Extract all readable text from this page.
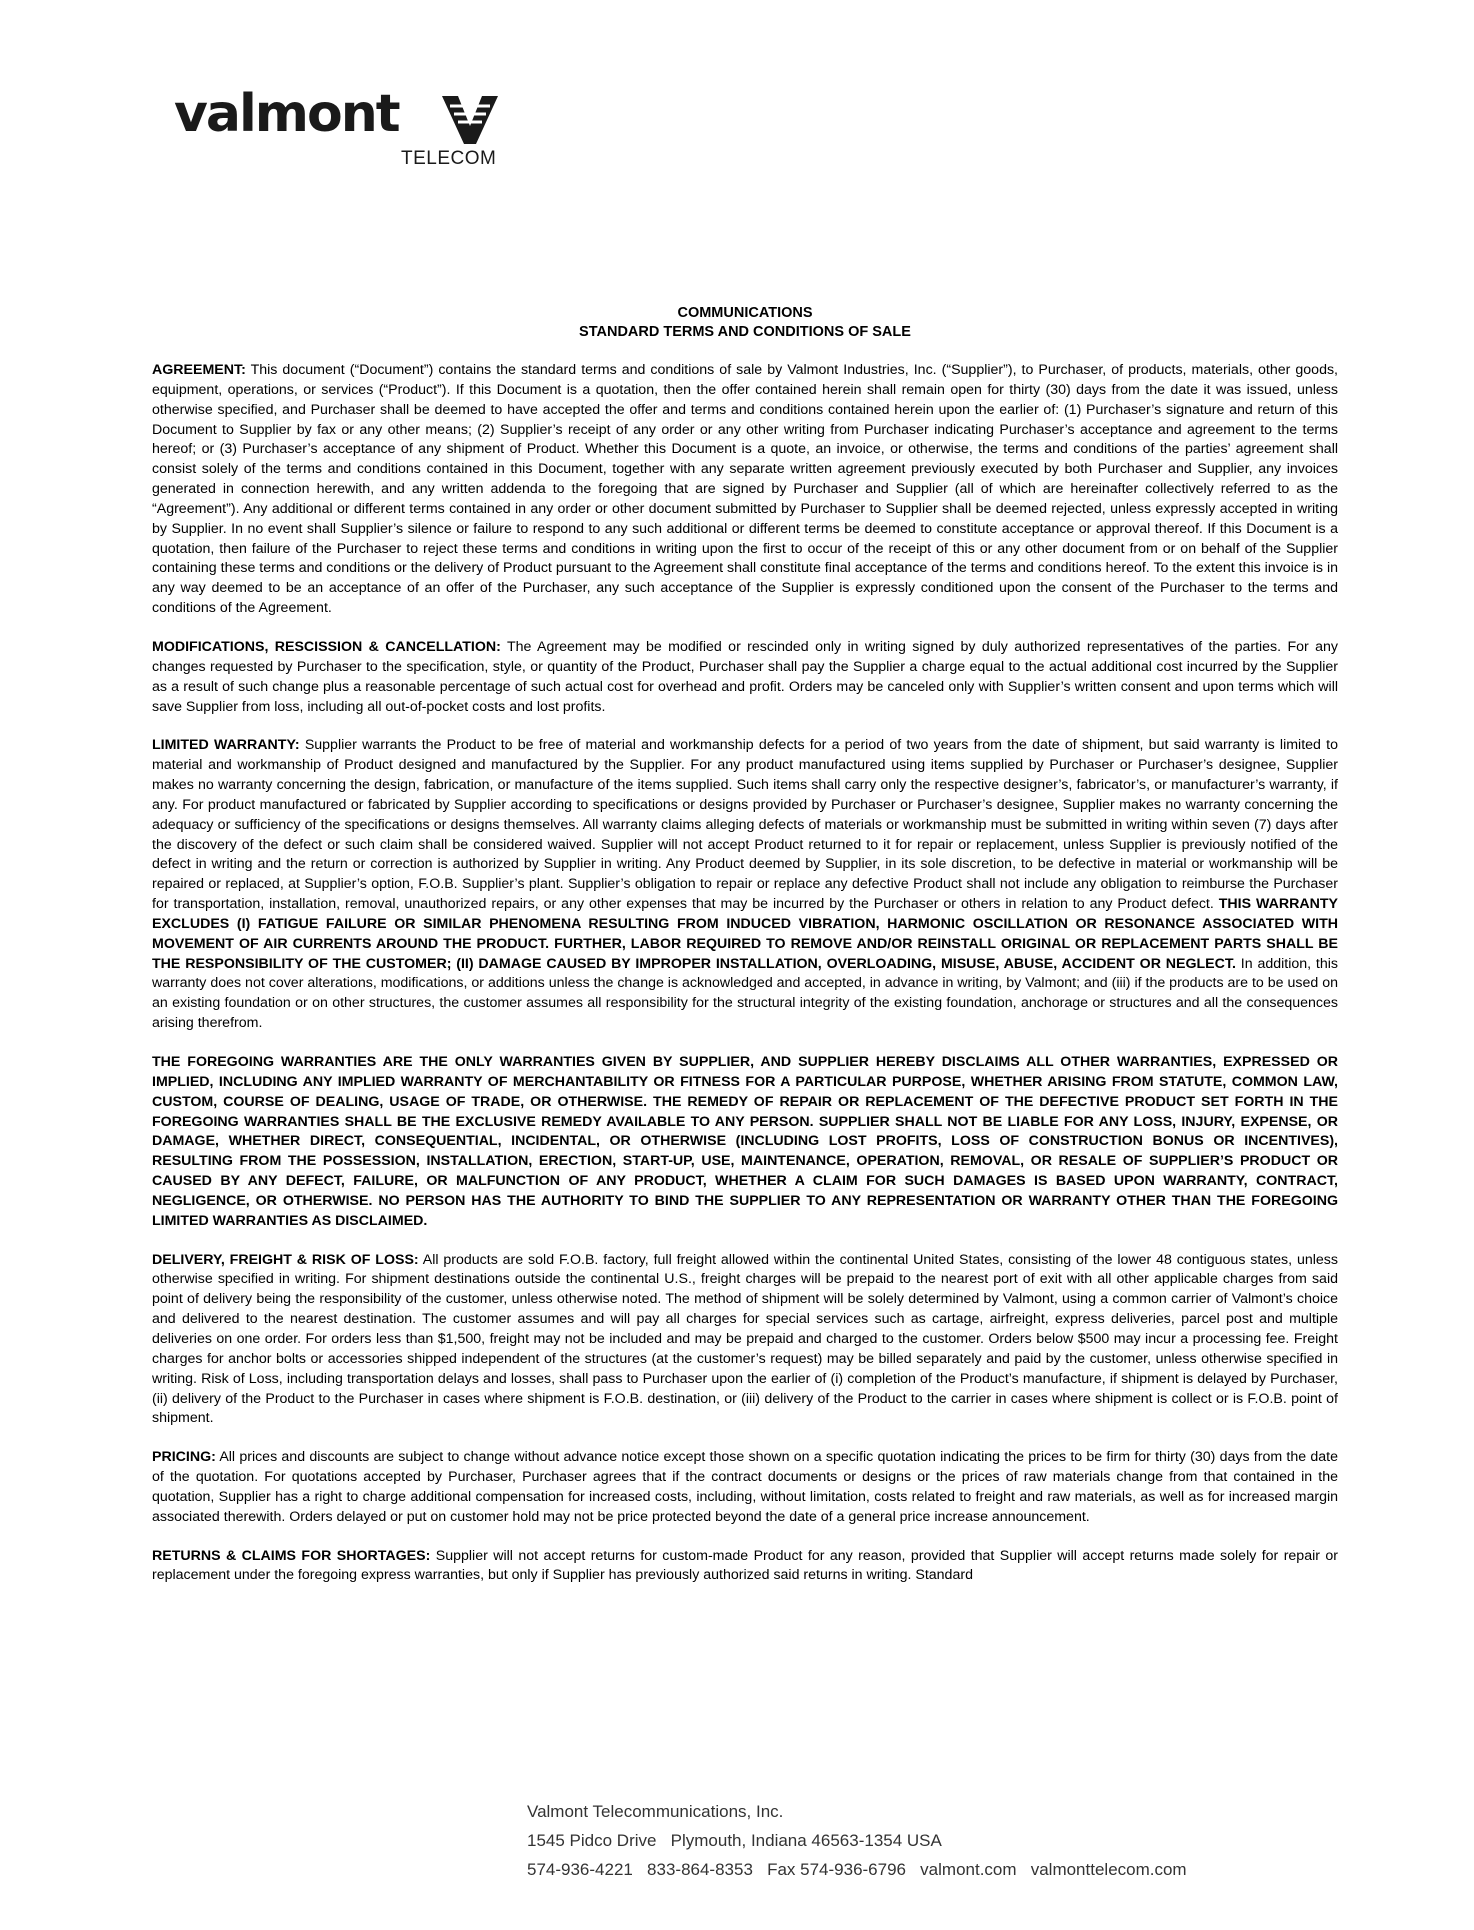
valmont
TELECOM
COMMUNICATIONS
STANDARD TERMS AND CONDITIONS OF SALE

AGREEMENT: This document (“Document”) contains the standard terms and conditions of sale by Valmont Industries, Inc. (“Supplier”), to Purchaser, of products, materials, other goods, equipment, operations, or services (“Product”). If this Document is a quotation, then the offer contained herein shall remain open for thirty (30) days from the date it was issued, unless otherwise specified, and Purchaser shall be deemed to have accepted the offer and terms and conditions contained herein upon the earlier of: (1) Purchaser’s signature and return of this Document to Supplier by fax or any other means; (2) Supplier’s receipt of any order or any other writing from Purchaser indicating Purchaser’s acceptance and agreement to the terms hereof; or (3) Purchaser’s acceptance of any shipment of Product. Whether this Document is a quote, an invoice, or otherwise, the terms and conditions of the parties’ agreement shall consist solely of the terms and conditions contained in this Document, together with any separate written agreement previously executed by both Purchaser and Supplier, any invoices generated in connection herewith, and any written addenda to the foregoing that are signed by Purchaser and Supplier (all of which are hereinafter collectively referred to as the “Agreement”). Any additional or different terms contained in any order or other document submitted by Purchaser to Supplier shall be deemed rejected, unless expressly accepted in writing by Supplier. In no event shall Supplier’s silence or failure to respond to any such additional or different terms be deemed to constitute acceptance or approval thereof. If this Document is a quotation, then failure of the Purchaser to reject these terms and conditions in writing upon the first to occur of the receipt of this or any other document from or on behalf of the Supplier containing these terms and conditions or the delivery of Product pursuant to the Agreement shall constitute final acceptance of the terms and conditions hereof. To the extent this invoice is in any way deemed to be an acceptance of an offer of the Purchaser, any such acceptance of the Supplier is expressly conditioned upon the consent of the Purchaser to the terms and conditions of the Agreement.

MODIFICATIONS, RESCISSION & CANCELLATION: The Agreement may be modified or rescinded only in writing signed by duly authorized representatives of the parties. For any changes requested by Purchaser to the specification, style, or quantity of the Product, Purchaser shall pay the Supplier a charge equal to the actual additional cost incurred by the Supplier as a result of such change plus a reasonable percentage of such actual cost for overhead and profit. Orders may be canceled only with Supplier’s written consent and upon terms which will save Supplier from loss, including all out-of-pocket costs and lost profits.

LIMITED WARRANTY: Supplier warrants the Product to be free of material and workmanship defects for a period of two years from the date of shipment, but said warranty is limited to material and workmanship of Product designed and manufactured by the Supplier. For any product manufactured using items supplied by Purchaser or Purchaser’s designee, Supplier makes no warranty concerning the design, fabrication, or manufacture of the items supplied. Such items shall carry only the respective designer’s, fabricator’s, or manufacturer’s warranty, if any. For product manufactured or fabricated by Supplier according to specifications or designs provided by Purchaser or Purchaser’s designee, Supplier makes no warranty concerning the adequacy or sufficiency of the specifications or designs themselves. All warranty claims alleging defects of materials or workmanship must be submitted in writing within seven (7) days after the discovery of the defect or such claim shall be considered waived. Supplier will not accept Product returned to it for repair or replacement, unless Supplier is previously notified of the defect in writing and the return or correction is authorized by Supplier in writing. Any Product deemed by Supplier, in its sole discretion, to be defective in material or workmanship will be repaired or replaced, at Supplier’s option, F.O.B. Supplier’s plant. Supplier’s obligation to repair or replace any defective Product shall not include any obligation to reimburse the Purchaser for transportation, installation, removal, unauthorized repairs, or any other expenses that may be incurred by the Purchaser or others in relation to any Product defect. THIS WARRANTY EXCLUDES (I) FATIGUE FAILURE OR SIMILAR PHENOMENA RESULTING FROM INDUCED VIBRATION, HARMONIC OSCILLATION OR RESONANCE ASSOCIATED WITH MOVEMENT OF AIR CURRENTS AROUND THE PRODUCT. FURTHER, LABOR REQUIRED TO REMOVE AND/OR REINSTALL ORIGINAL OR REPLACEMENT PARTS SHALL BE THE RESPONSIBILITY OF THE CUSTOMER; (II) DAMAGE CAUSED BY IMPROPER INSTALLATION, OVERLOADING, MISUSE, ABUSE, ACCIDENT OR NEGLECT. In addition, this warranty does not cover alterations, modifications, or additions unless the change is acknowledged and accepted, in advance in writing, by Valmont; and (iii) if the products are to be used on an existing foundation or on other structures, the customer assumes all responsibility for the structural integrity of the existing foundation, anchorage or structures and all the consequences arising therefrom.

THE FOREGOING WARRANTIES ARE THE ONLY WARRANTIES GIVEN BY SUPPLIER, AND SUPPLIER HEREBY DISCLAIMS ALL OTHER WARRANTIES, EXPRESSED OR IMPLIED, INCLUDING ANY IMPLIED WARRANTY OF MERCHANTABILITY OR FITNESS FOR A PARTICULAR PURPOSE, WHETHER ARISING FROM STATUTE, COMMON LAW, CUSTOM, COURSE OF DEALING, USAGE OF TRADE, OR OTHERWISE. THE REMEDY OF REPAIR OR REPLACEMENT OF THE DEFECTIVE PRODUCT SET FORTH IN THE FOREGOING WARRANTIES SHALL BE THE EXCLUSIVE REMEDY AVAILABLE TO ANY PERSON. SUPPLIER SHALL NOT BE LIABLE FOR ANY LOSS, INJURY, EXPENSE, OR DAMAGE, WHETHER DIRECT, CONSEQUENTIAL, INCIDENTAL, OR OTHERWISE (INCLUDING LOST PROFITS, LOSS OF CONSTRUCTION BONUS OR INCENTIVES), RESULTING FROM THE POSSESSION, INSTALLATION, ERECTION, START-UP, USE, MAINTENANCE, OPERATION, REMOVAL, OR RESALE OF SUPPLIER’S PRODUCT OR CAUSED BY ANY DEFECT, FAILURE, OR MALFUNCTION OF ANY PRODUCT, WHETHER A CLAIM FOR SUCH DAMAGES IS BASED UPON WARRANTY, CONTRACT, NEGLIGENCE, OR OTHERWISE. NO PERSON HAS THE AUTHORITY TO BIND THE SUPPLIER TO ANY REPRESENTATION OR WARRANTY OTHER THAN THE FOREGOING LIMITED WARRANTIES AS DISCLAIMED.

DELIVERY, FREIGHT & RISK OF LOSS: All products are sold F.O.B. factory, full freight allowed within the continental United States, consisting of the lower 48 contiguous states, unless otherwise specified in writing. For shipment destinations outside the continental U.S., freight charges will be prepaid to the nearest port of exit with all other applicable charges from said point of delivery being the responsibility of the customer, unless otherwise noted. The method of shipment will be solely determined by Valmont, using a common carrier of Valmont’s choice and delivered to the nearest destination. The customer assumes and will pay all charges for special services such as cartage, airfreight, express deliveries, parcel post and multiple deliveries on one order. For orders less than $1,500, freight may not be included and may be prepaid and charged to the customer. Orders below $500 may incur a processing fee. Freight charges for anchor bolts or accessories shipped independent of the structures (at the customer’s request) may be billed separately and paid by the customer, unless otherwise specified in writing. Risk of Loss, including transportation delays and losses, shall pass to Purchaser upon the earlier of (i) completion of the Product’s manufacture, if shipment is delayed by Purchaser, (ii) delivery of the Product to the Purchaser in cases where shipment is F.O.B. destination, or (iii) delivery of the Product to the carrier in cases where shipment is collect or is F.O.B. point of shipment.

PRICING: All prices and discounts are subject to change without advance notice except those shown on a specific quotation indicating the prices to be firm for thirty (30) days from the date of the quotation. For quotations accepted by Purchaser, Purchaser agrees that if the contract documents or designs or the prices of raw materials change from that contained in the quotation, Supplier has a right to charge additional compensation for increased costs, including, without limitation, costs related to freight and raw materials, as well as for increased margin associated therewith. Orders delayed or put on customer hold may not be price protected beyond the date of a general price increase announcement.

RETURNS & CLAIMS FOR SHORTAGES: Supplier will not accept returns for custom-made Product for any reason, provided that Supplier will accept returns made solely for repair or replacement under the foregoing express warranties, but only if Supplier has previously authorized said returns in writing. Standard

Valmont Telecommunications, Inc.
1545 Pidco Drive   Plymouth, Indiana 46563-1354 USA
574-936-4221   833-864-8353   Fax 574-936-6796   valmont.com   valmonttelecom.com
